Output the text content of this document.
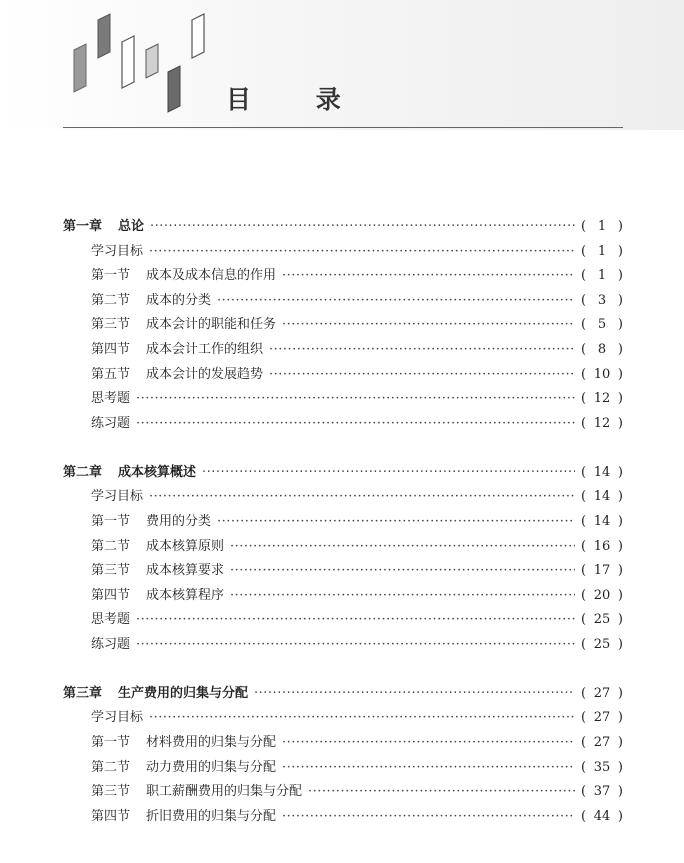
目 录
第一章 总论 ·····	( 1 )
学习目标 ·····	( 1 )
第一节	成本及成本信息的作用 ·····	( 1 )
第二节	成本的分类 ·····	( 3 )
第三节	成本会计的职能和任务 ·····	( 5 )
第四节	成本会计工作的组织 ·····	( 8 )
第五节	成本会计的发展趋势 ·····	( 10 )
思考题 ·····	( 12 )
练习题 ·····	( 12 )
第二章 成本核算概述 ·····	( 14 )
学习目标 ·····	( 14 )
第一节	费用的分类 ·····	( 14 )
第二节	成本核算原则 ·····	( 16 )
第三节	成本核算要求 ·····	( 17 )
第四节	成本核算程序 ·····	( 20 )
思考题 ·····	( 25 )
练习题 ·····	( 25 )
第三章 生产费用的归集与分配 ·····	( 27 )
学习目标 ·····	( 27 )
第一节	材料费用的归集与分配 ·····	( 27 )
第二节	动力费用的归集与分配 ·····	( 35 )
第三节	职工薪酬费用的归集与分配 ·····	( 37 )
第四节	折旧费用的归集与分配 ·····	( 44 )
